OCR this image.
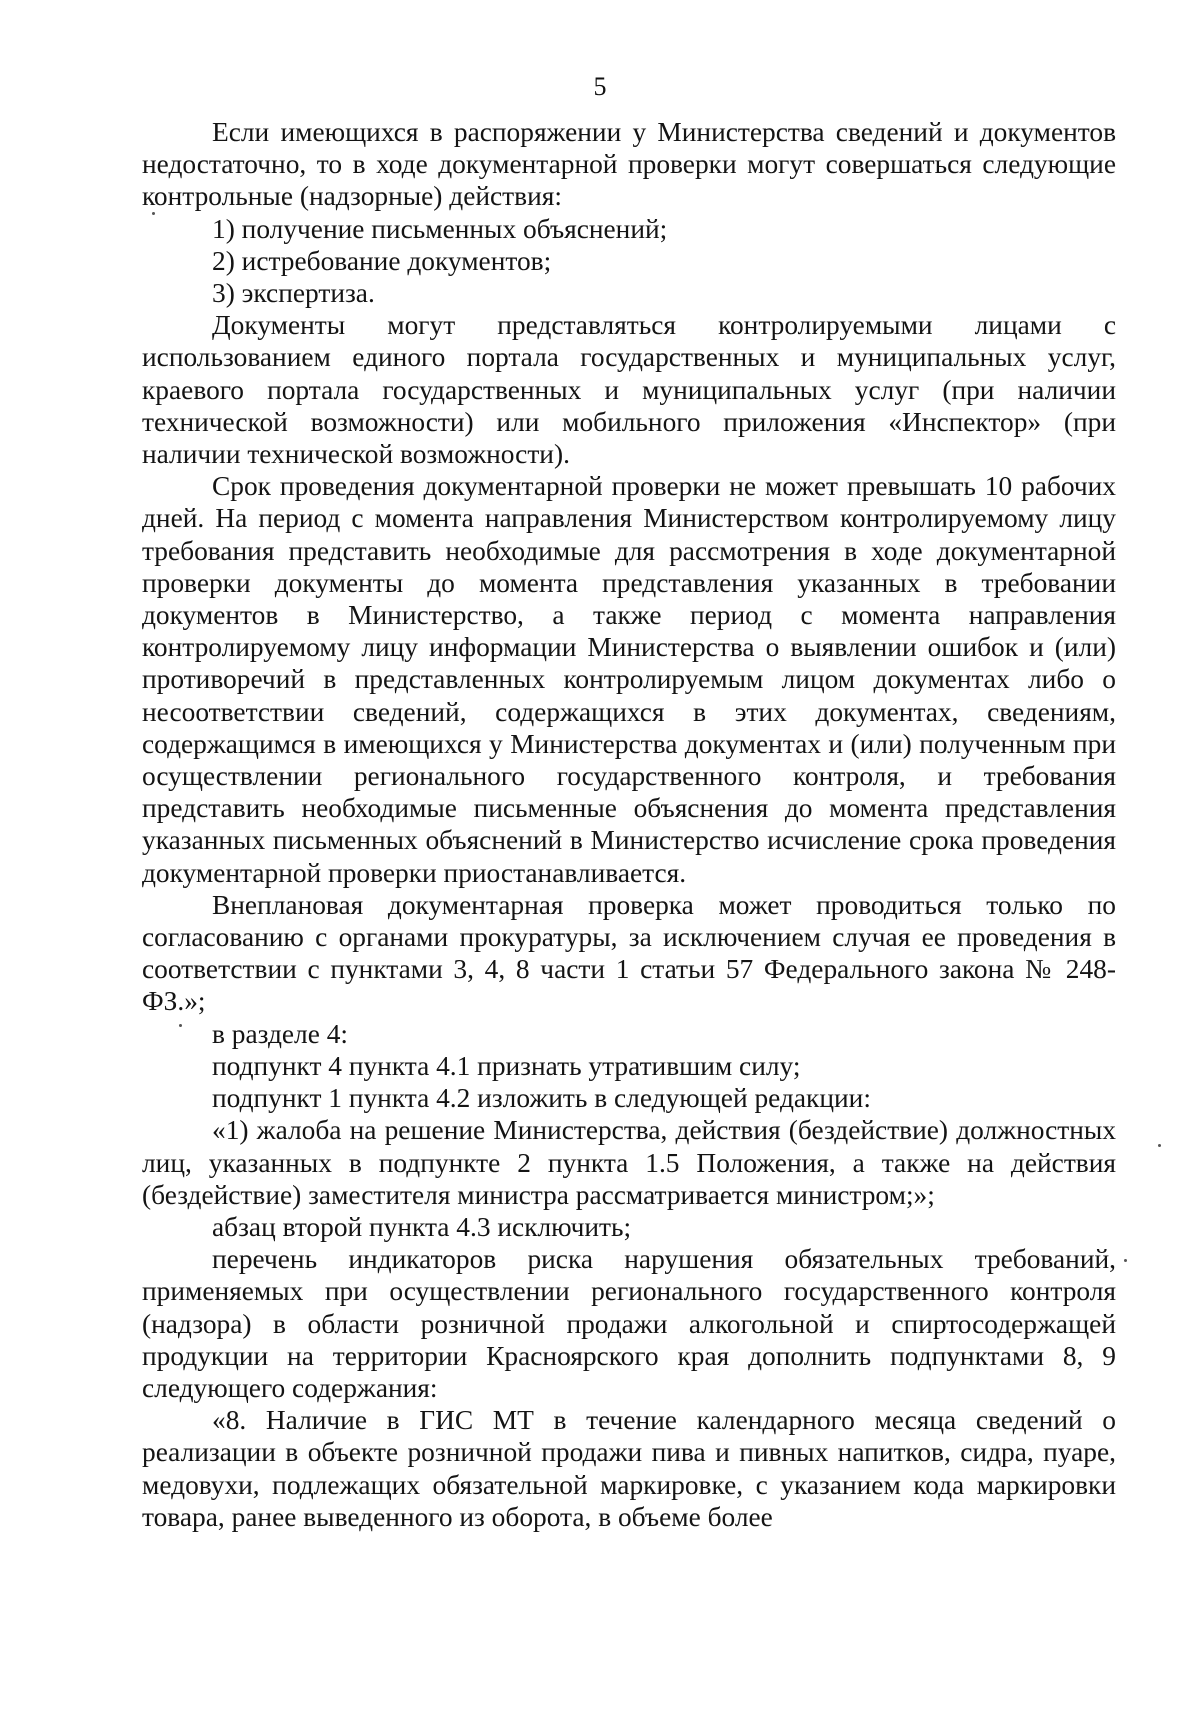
5

Если имеющихся в распоряжении у Министерства сведений и документов недостаточно, то в ходе документарной проверки могут совершаться следующие контрольные (надзорные) действия:

1) получение письменных объяснений;

2) истребование документов;

3) экспертиза.

Документы могут представляться контролируемыми лицами с использованием единого портала государственных и муниципальных услуг, краевого портала государственных и муниципальных услуг (при наличии технической возможности) или мобильного приложения «Инспектор» (при наличии технической возможности).

Срок проведения документарной проверки не может превышать 10 рабочих дней. На период с момента направления Министерством контролируемому лицу требования представить необходимые для рассмотрения в ходе документарной проверки документы до момента представления указанных в требовании документов в Министерство, а также период с момента направления контролируемому лицу информации Министерства о выявлении ошибок и (или) противоречий в представленных контролируемым лицом документах либо о несоответствии сведений, содержащихся в этих документах, сведениям, содержащимся в имеющихся у Министерства документах и (или) полученным при осуществлении регионального государственного контроля, и требования представить необходимые письменные объяснения до момента представления указанных письменных объяснений в Министерство исчисление срока проведения документарной проверки приостанавливается.

Внеплановая документарная проверка может проводиться только по согласованию с органами прокуратуры, за исключением случая ее проведения в соответствии с пунктами 3, 4, 8 части 1 статьи 57 Федерального закона № 248-ФЗ.»;

в разделе 4:

подпункт 4 пункта 4.1 признать утратившим силу;

подпункт 1 пункта 4.2 изложить в следующей редакции:

«1) жалоба на решение Министерства, действия (бездействие) должностных лиц, указанных в подпункте 2 пункта 1.5 Положения, а также на действия (бездействие) заместителя министра рассматривается министром;»;

абзац второй пункта 4.3 исключить;

перечень индикаторов риска нарушения обязательных требований, применяемых при осуществлении регионального государственного контроля (надзора) в области розничной продажи алкогольной и спиртосодержащей продукции на территории Красноярского края дополнить подпунктами 8, 9 следующего содержания:

«8. Наличие в ГИС МТ в течение календарного месяца сведений о реализации в объекте розничной продажи пива и пивных напитков, сидра, пуаре, медовухи, подлежащих обязательной маркировке, с указанием кода маркировки товара, ранее выведенного из оборота, в объеме более
